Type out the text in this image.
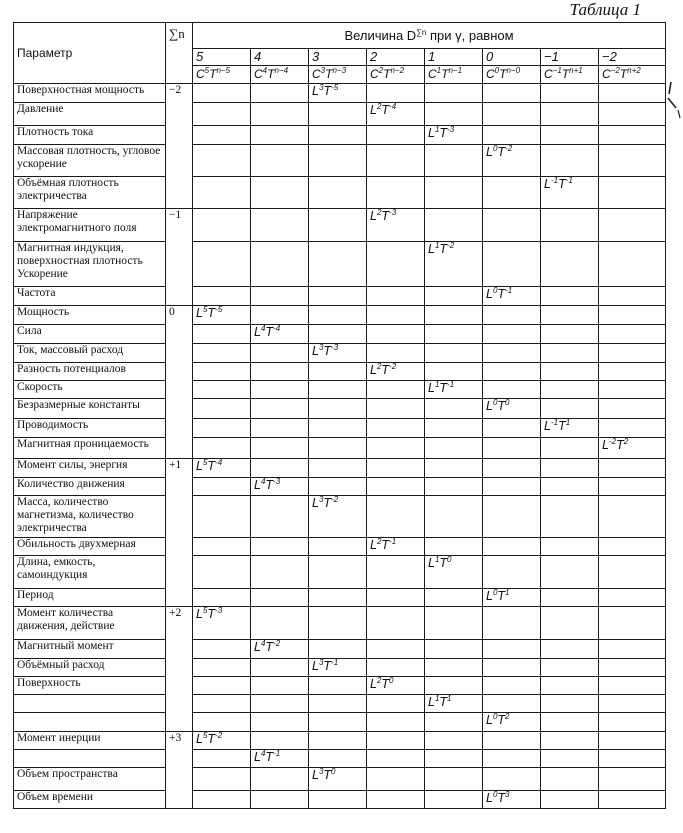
Таблица 1
Параметр	∑n	Величина $D^{\sum n}$ при γ, равном							
		5	4	3	2	1	0	−1	−2
		$C^5T^{n-5}$	$C^4T^{n-4}$	$C^3T^{n-3}$	$C^2T^{n-2}$	$C^1T^{n-1}$	$C^0T^{n-0}$	$C^{-1}T^{n+1}$	$C^{-2}T^{n+2}$
Поверхностная мощность	−2			$L^3T^{-5}$					
Давление					$L^2T^{-4}$				
Плотность тока						$L^1T^{-3}$			
Массовая плотность, угловое ускорение							$L^0T^{-2}$		
Объёмная плотность электричества								$L^{-1}T^{-1}$	
Напряжение электромагнитного поля	−1				$L^2T^{-3}$				
Магнитная индукция, поверхностная плотность Ускорение						$L^1T^{-2}$			
Частота							$L^0T^{-1}$		
Мощность	0	$L^5T^{-5}$							
Сила			$L^4T^{-4}$						
Ток, массовый расход				$L^3T^{-3}$					
Разность потенциалов					$L^2T^{-2}$				
Скорость						$L^1T^{-1}$			
Безразмерные константы							$L^0T^0$		
Проводимость								$L^{-1}T^1$	
Магнитная проницаемость									$L^{-2}T^2$
Момент силы, энергия	+1	$L^5T^{-4}$							
Количество движения			$L^4T^{-3}$						
Масса, количество магнетизма, количество электричества				$L^3T^{-2}$					
Обильность двухмерная					$L^2T^{-1}$				
Длина, емкость, самоиндукция						$L^1T^0$			
Период							$L^0T^1$		
Момент количества движения, действие	+2	$L^5T^{-3}$							
Магнитный момент			$L^4T^{-2}$						
Объёмный расход				$L^3T^{-1}$					
Поверхность					$L^2T^0$				
						$L^1T^1$			
							$L^0T^2$		
Момент инерции	+3	$L^5T^{-2}$							
			$L^4T^{-1}$						
Объем пространства				$L^3T^0$					
Объем времени							$L^0T^3$		
